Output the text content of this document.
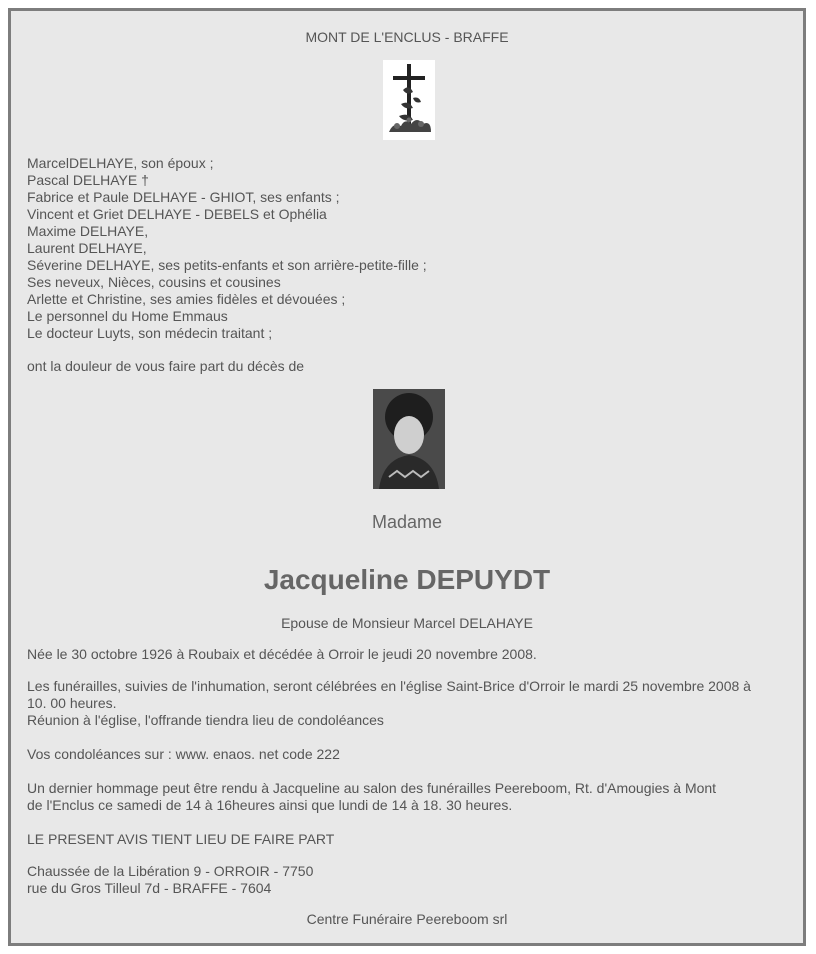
MONT DE L'ENCLUS - BRAFFE
MarcelDELHAYE, son époux ;
Pascal DELHAYE †
Fabrice et Paule DELHAYE - GHIOT, ses enfants ;
Vincent et Griet DELHAYE - DEBELS et Ophélia
Maxime DELHAYE,
Laurent DELHAYE,
Séverine DELHAYE, ses petits-enfants et son arrière-petite-fille ;
Ses neveux, Nièces, cousins et cousines
Arlette et Christine, ses amies fidèles et dévouées ;
Le personnel du Home Emmaus
Le docteur Luyts, son médecin traitant ;
ont la douleur de vous faire part du décès de
Madame
Jacqueline DEPUYDT
Epouse de Monsieur Marcel DELAHAYE
Née le 30 octobre 1926 à Roubaix et décédée à Orroir le jeudi 20 novembre 2008.
Les funérailles, suivies de l'inhumation, seront célébrées en l'église Saint-Brice d'Orroir le mardi 25 novembre 2008 à
10. 00 heures.
Réunion à l'église, l'offrande tiendra lieu de condoléances
Vos condoléances sur : www. enaos. net code 222
Un dernier hommage peut être rendu à Jacqueline au salon des funérailles Peereboom, Rt. d'Amougies à Mont
de l'Enclus ce samedi de 14 à 16heures ainsi que lundi de 14 à 18. 30 heures.
LE PRESENT AVIS TIENT LIEU DE FAIRE PART
Chaussée de la Libération 9 - ORROIR - 7750
rue du Gros Tilleul 7d - BRAFFE - 7604
Centre Funéraire Peereboom srl
